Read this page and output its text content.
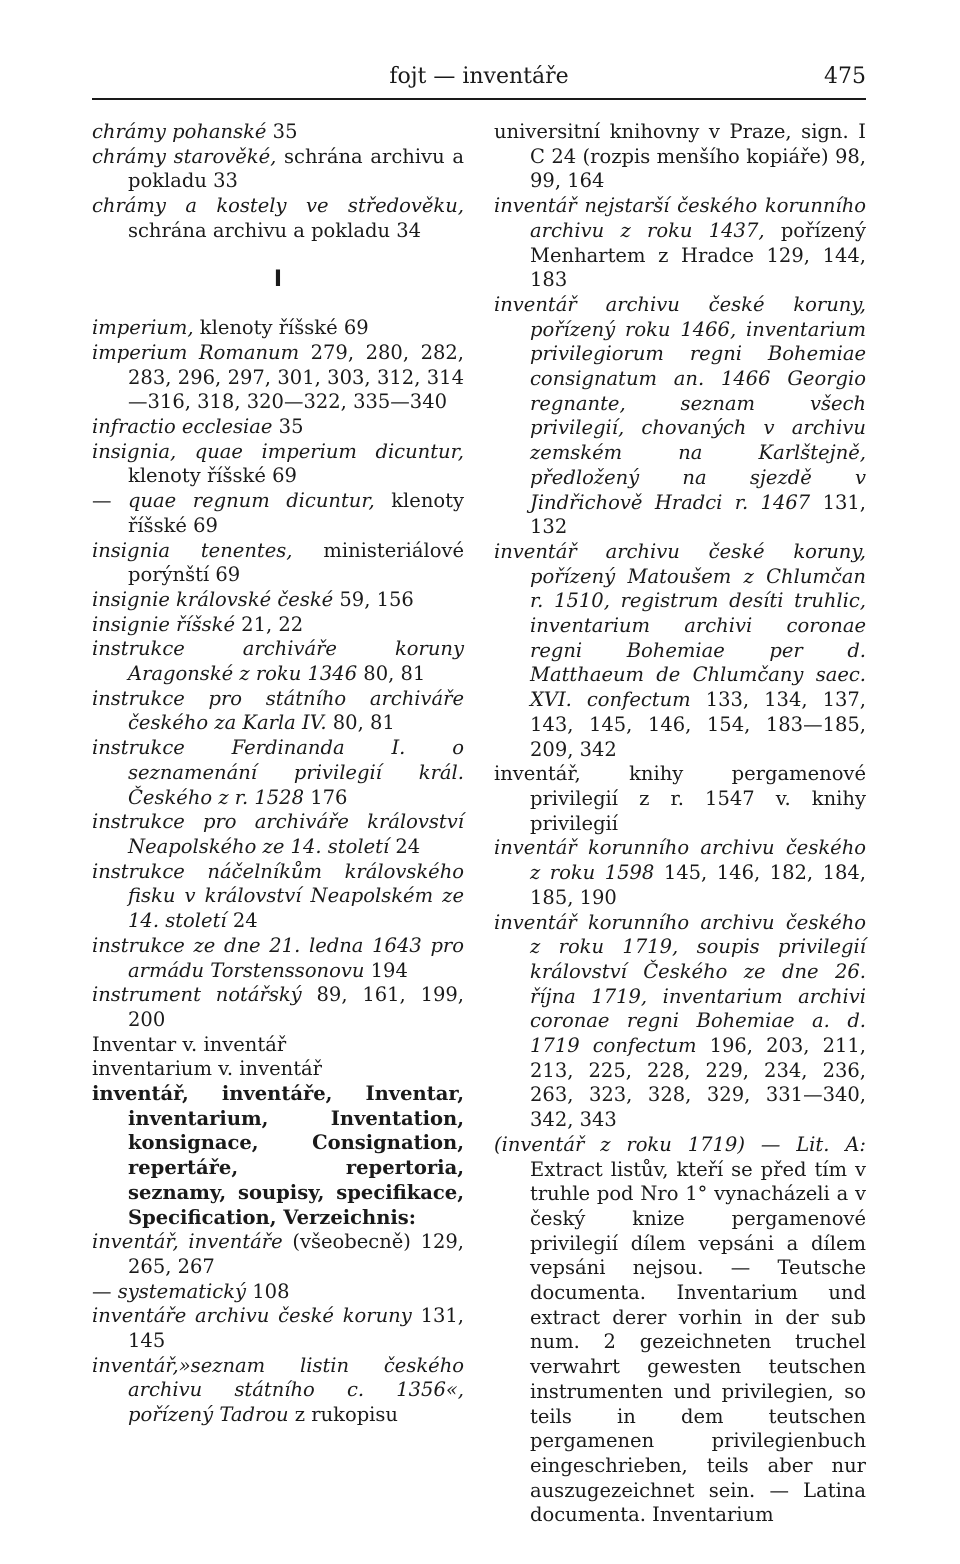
fojt — inventáře	475

chrámy pohanské 35

chrámy starověké, schrána archivu a pokladu 33

chrámy a kostely ve středověku, schrána archivu a pokladu 34

I

imperium, klenoty říšské 69

imperium Romanum 279, 280, 282, 283, 296, 297, 301, 303, 312, 314—316, 318, 320—322, 335—340

infractio ecclesiae 35

insignia, quae imperium dicuntur, klenoty říšské 69

— quae regnum dicuntur, klenoty říšské 69

insignia tenentes, ministeriálové porýnští 69

insignie královské české 59, 156

insignie říšské 21, 22

instrukce archiváře koruny Aragonské z roku 1346 80, 81

instrukce pro státního archiváře českého za Karla IV. 80, 81

instrukce Ferdinanda I. o seznamenání privilegií král. Českého z r. 1528 176

instrukce pro archiváře království Neapolského ze 14. století 24

instrukce náčelníkům královského fisku v království Neapolském ze 14. století 24

instrukce ze dne 21. ledna 1643 pro armádu Torstenssonovu 194

instrument notářský 89, 161, 199, 200

Inventar v. inventář

inventarium v. inventář

inventář, inventáře, Inventar, inventarium, Inventation, konsignace, Consignation, repertáře, repertoria, seznamy, soupisy, specifikace, Specification, Verzeichnis:

inventář, inventáře (všeobecně) 129, 265, 267

— systematický 108

inventáře archivu české koruny 131, 145

inventář,»seznam listin českého archivu státního c. 1356«, pořízený Tadrou z rukopisu

universitní knihovny v Praze, sign. I C 24 (rozpis menšího kopiáře) 98, 99, 164

inventář nejstarší českého korunního archivu z roku 1437, pořízený Menhartem z Hradce 129, 144, 183

inventář archivu české koruny, pořízený roku 1466, inventarium privilegiorum regni Bohemiae consignatum an. 1466 Georgio regnante, seznam všech privilegií, chovaných v archivu zemském na Karlštejně, předložený na sjezdě v Jindřichově Hradci r. 1467 131, 132

inventář archivu české koruny, pořízený Matoušem z Chlumčan r. 1510, registrum desíti truhlic, inventarium archivi coronae regni Bohemiae per d. Matthaeum de Chlumčany saec. XVI. confectum 133, 134, 137, 143, 145, 146, 154, 183—185, 209, 342

inventář, knihy pergamenové privilegií z r. 1547 v. knihy privilegií

inventář korunního archivu českého z roku 1598 145, 146, 182, 184, 185, 190

inventář korunního archivu českého z roku 1719, soupis privilegií království Českého ze dne 26. října 1719, inventarium archivi coronae regni Bohemiae a. d. 1719 confectum 196, 203, 211, 213, 225, 228, 229, 234, 236, 263, 323, 328, 329, 331—340, 342, 343

(inventář z roku 1719) — Lit. A: Extract listův, kteří se před tím v truhle pod Nro 1° vynacházeli a v český knize pergamenové privilegií dílem vepsáni a dílem vepsáni nejsou. — Teutsche documenta. Inventarium und extract derer vorhin in der sub num. 2 gezeichneten truchel verwahrt gewesten teutschen instrumenten und privilegien, so teils in dem teutschen pergamenen privilegienbuch eingeschrieben, teils aber nur auszugezeichnet sein. — Latina documenta. Inventarium
